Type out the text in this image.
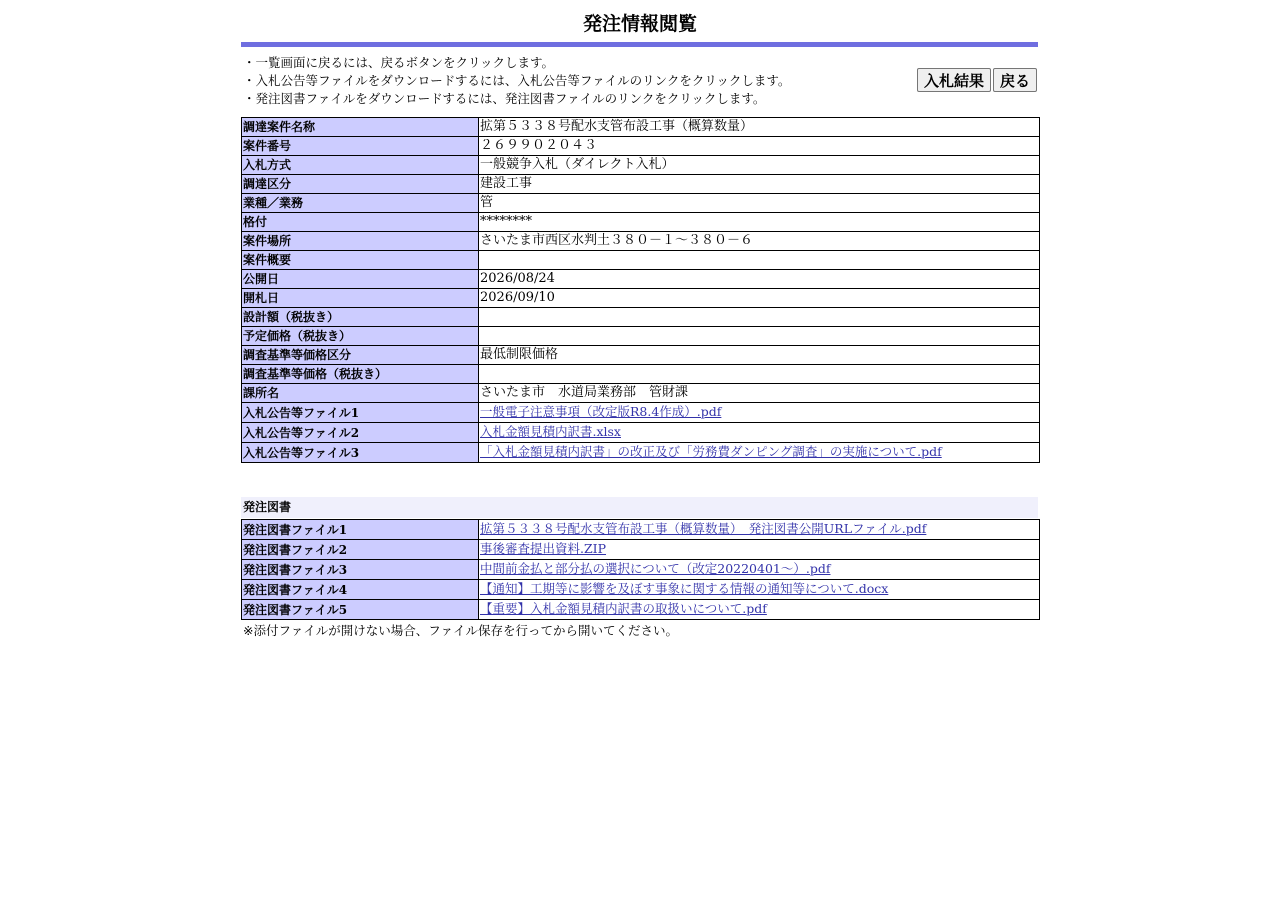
発注情報閲覧
・一覧画面に戻るには、戻るボタンをクリックします。
・入札公告等ファイルをダウンロードするには、入札公告等ファイルのリンクをクリックします。
・発注図書ファイルをダウンロードするには、発注図書ファイルのリンクをクリックします。
入札結果 戻る
調達案件名称	拡第５３３８号配水支管布設工事（概算数量）
案件番号	２６９９０２０４３
入札方式	一般競争入札（ダイレクト入札）
調達区分	建設工事
業種／業務	管
格付	********
案件場所	さいたま市西区水判土３８０－１～３８０－６
案件概要	
公開日	2026/08/24
開札日	2026/09/10
設計額（税抜き）	
予定価格（税抜き）	
調査基準等価格区分	最低制限価格
調査基準等価格（税抜き）	
課所名	さいたま市　水道局業務部　管財課
入札公告等ファイル1	一般電子注意事項（改定版R8.4作成）.pdf
入札公告等ファイル2	入札金額見積内訳書.xlsx
入札公告等ファイル3	「入札金額見積内訳書」の改正及び「労務費ダンピング調査」の実施について.pdf
発注図書
発注図書ファイル1	拡第５３３８号配水支管布設工事（概算数量）　発注図書公開URLファイル.pdf
発注図書ファイル2	事後審査提出資料.ZIP
発注図書ファイル3	中間前金払と部分払の選択について（改定20220401～）.pdf
発注図書ファイル4	【通知】工期等に影響を及ぼす事象に関する情報の通知等について.docx
発注図書ファイル5	【重要】入札金額見積内訳書の取扱いについて.pdf
※添付ファイルが開けない場合、ファイル保存を行ってから開いてください。
